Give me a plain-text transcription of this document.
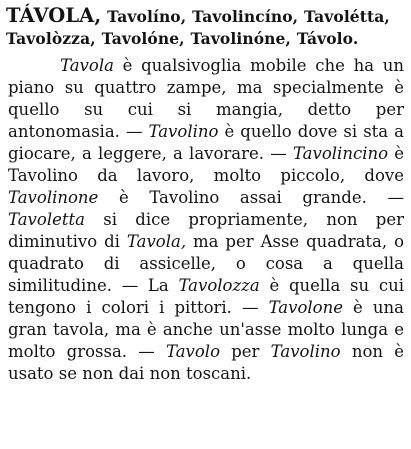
TÁVOLA, Tavolíno, Tavolincíno, Tavolétta, Tavolòzza, Tavolóne, Tavolinóne, Távolo.

Tavola è qualsivoglia mobile che ha un piano su quattro zampe, ma specialmente è quello su cui si mangia, detto per antonomasia. — Tavolino è quello dove si sta a giocare, a leggere, a lavorare. — Tavolincino è Tavolino da lavoro, molto piccolo, dove Tavolinone è Tavolino assai grande. — Tavoletta si dice propriamente, non per diminutivo di Tavola, ma per Asse quadrata, o quadrato di assicelle, o cosa a quella similitudine. — La Tavolozza è quella su cui tengono i colori i pittori. — Tavolone è una gran tavola, ma è anche un'asse molto lunga e molto grossa. — Tavolo per Tavolino non è usato se non dai non toscani.
